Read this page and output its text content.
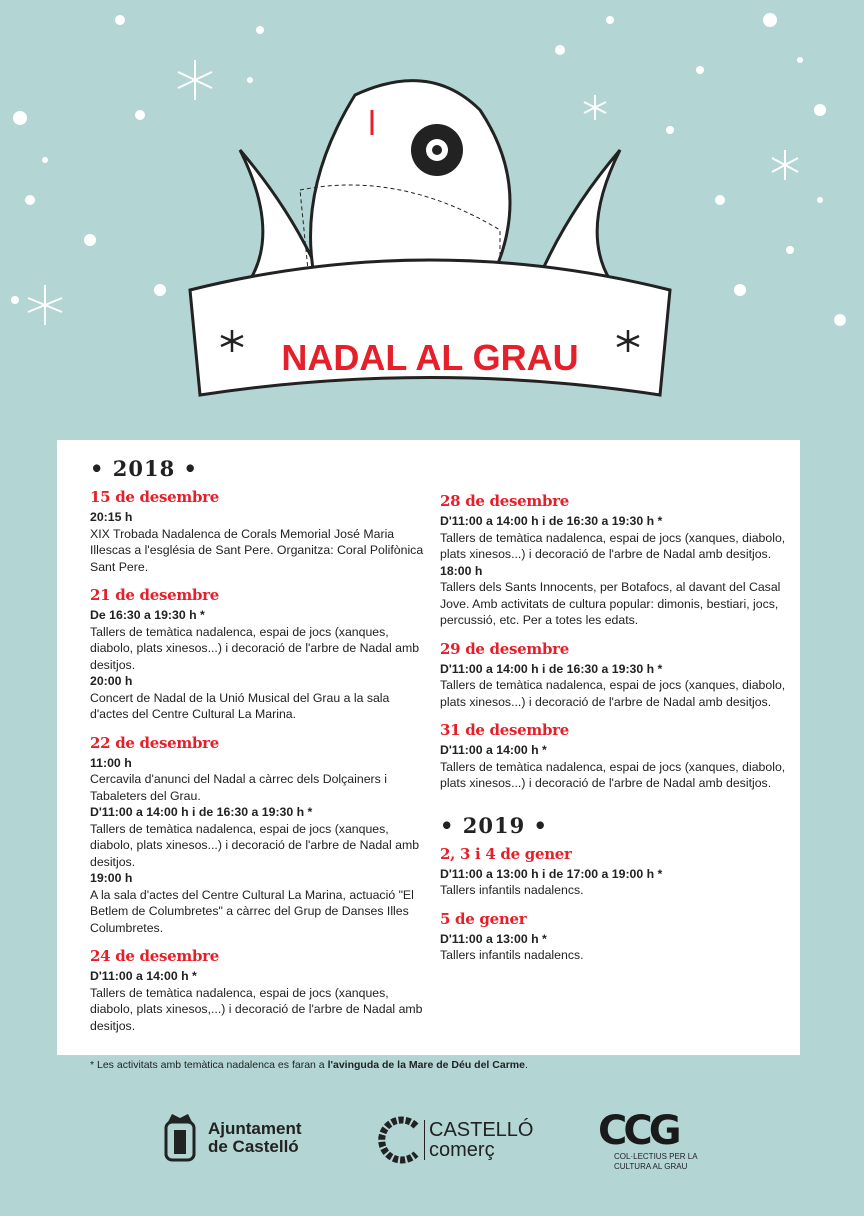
NADAL AL GRAU
• 2018 •
15 de desembre
20:15 h
XIX Trobada Nadalenca de Corals Memorial José Maria Illescas a l'església de Sant Pere. Organitza: Coral Polifònica Sant Pere.
21 de desembre
De 16:30 a 19:30 h *
Tallers de temàtica nadalenca, espai de jocs (xanques, diabolo, plats xinesos...) i decoració de l'arbre de Nadal amb desitjos.
20:00 h
Concert de Nadal de la Unió Musical del Grau a la sala d'actes del Centre Cultural La Marina.
22 de desembre
11:00 h
Cercavila d'anunci del Nadal a càrrec dels Dolçainers i Tabaleters del Grau.
D'11:00 a 14:00 h i de 16:30 a 19:30 h *
Tallers de temàtica nadalenca, espai de jocs (xanques, diabolo, plats xinesos...) i decoració de l'arbre de Nadal amb desitjos.
19:00 h
A la sala d'actes del Centre Cultural La Marina, actuació "El Betlem de Columbretes" a càrrec del Grup de Danses Illes Columbretes.
24 de desembre
D'11:00 a 14:00 h *
Tallers de temàtica nadalenca, espai de jocs (xanques, diabolo, plats xinesos,...) i decoració de l'arbre de Nadal amb desitjos.
28 de desembre
D'11:00 a 14:00 h i de 16:30 a 19:30 h *
Tallers de temàtica nadalenca, espai de jocs (xanques, diabolo, plats xinesos...) i decoració de l'arbre de Nadal amb desitjos.
18:00 h
Tallers dels Sants Innocents, per Botafocs, al davant del Casal Jove. Amb activitats de cultura popular: dimonis, bestiari, jocs, percussió, etc. Per a totes les edats.
29 de desembre
D'11:00 a 14:00 h i de 16:30 a 19:30 h *
Tallers de temàtica nadalenca, espai de jocs (xanques, diabolo, plats xinesos...) i decoració de l'arbre de Nadal amb desitjos.
31 de desembre
D'11:00 a 14:00 h *
Tallers de temàtica nadalenca, espai de jocs (xanques, diabolo, plats xinesos...) i decoració de l'arbre de Nadal amb desitjos.
• 2019 •
2, 3 i 4 de gener
D'11:00 a 13:00 h i de 17:00 a 19:00 h *
Tallers infantils nadalencs.
5 de gener
D'11:00 a 13:00 h *
Tallers infantils nadalencs.
* Les activitats amb temàtica nadalenca es faran a l'avinguda de la Mare de Déu del Carme.
Ajuntament
de Castelló
CASTELLÓ
comerç	CCG
COL·LECTIUS PER LA
CULTURA AL GRAU
